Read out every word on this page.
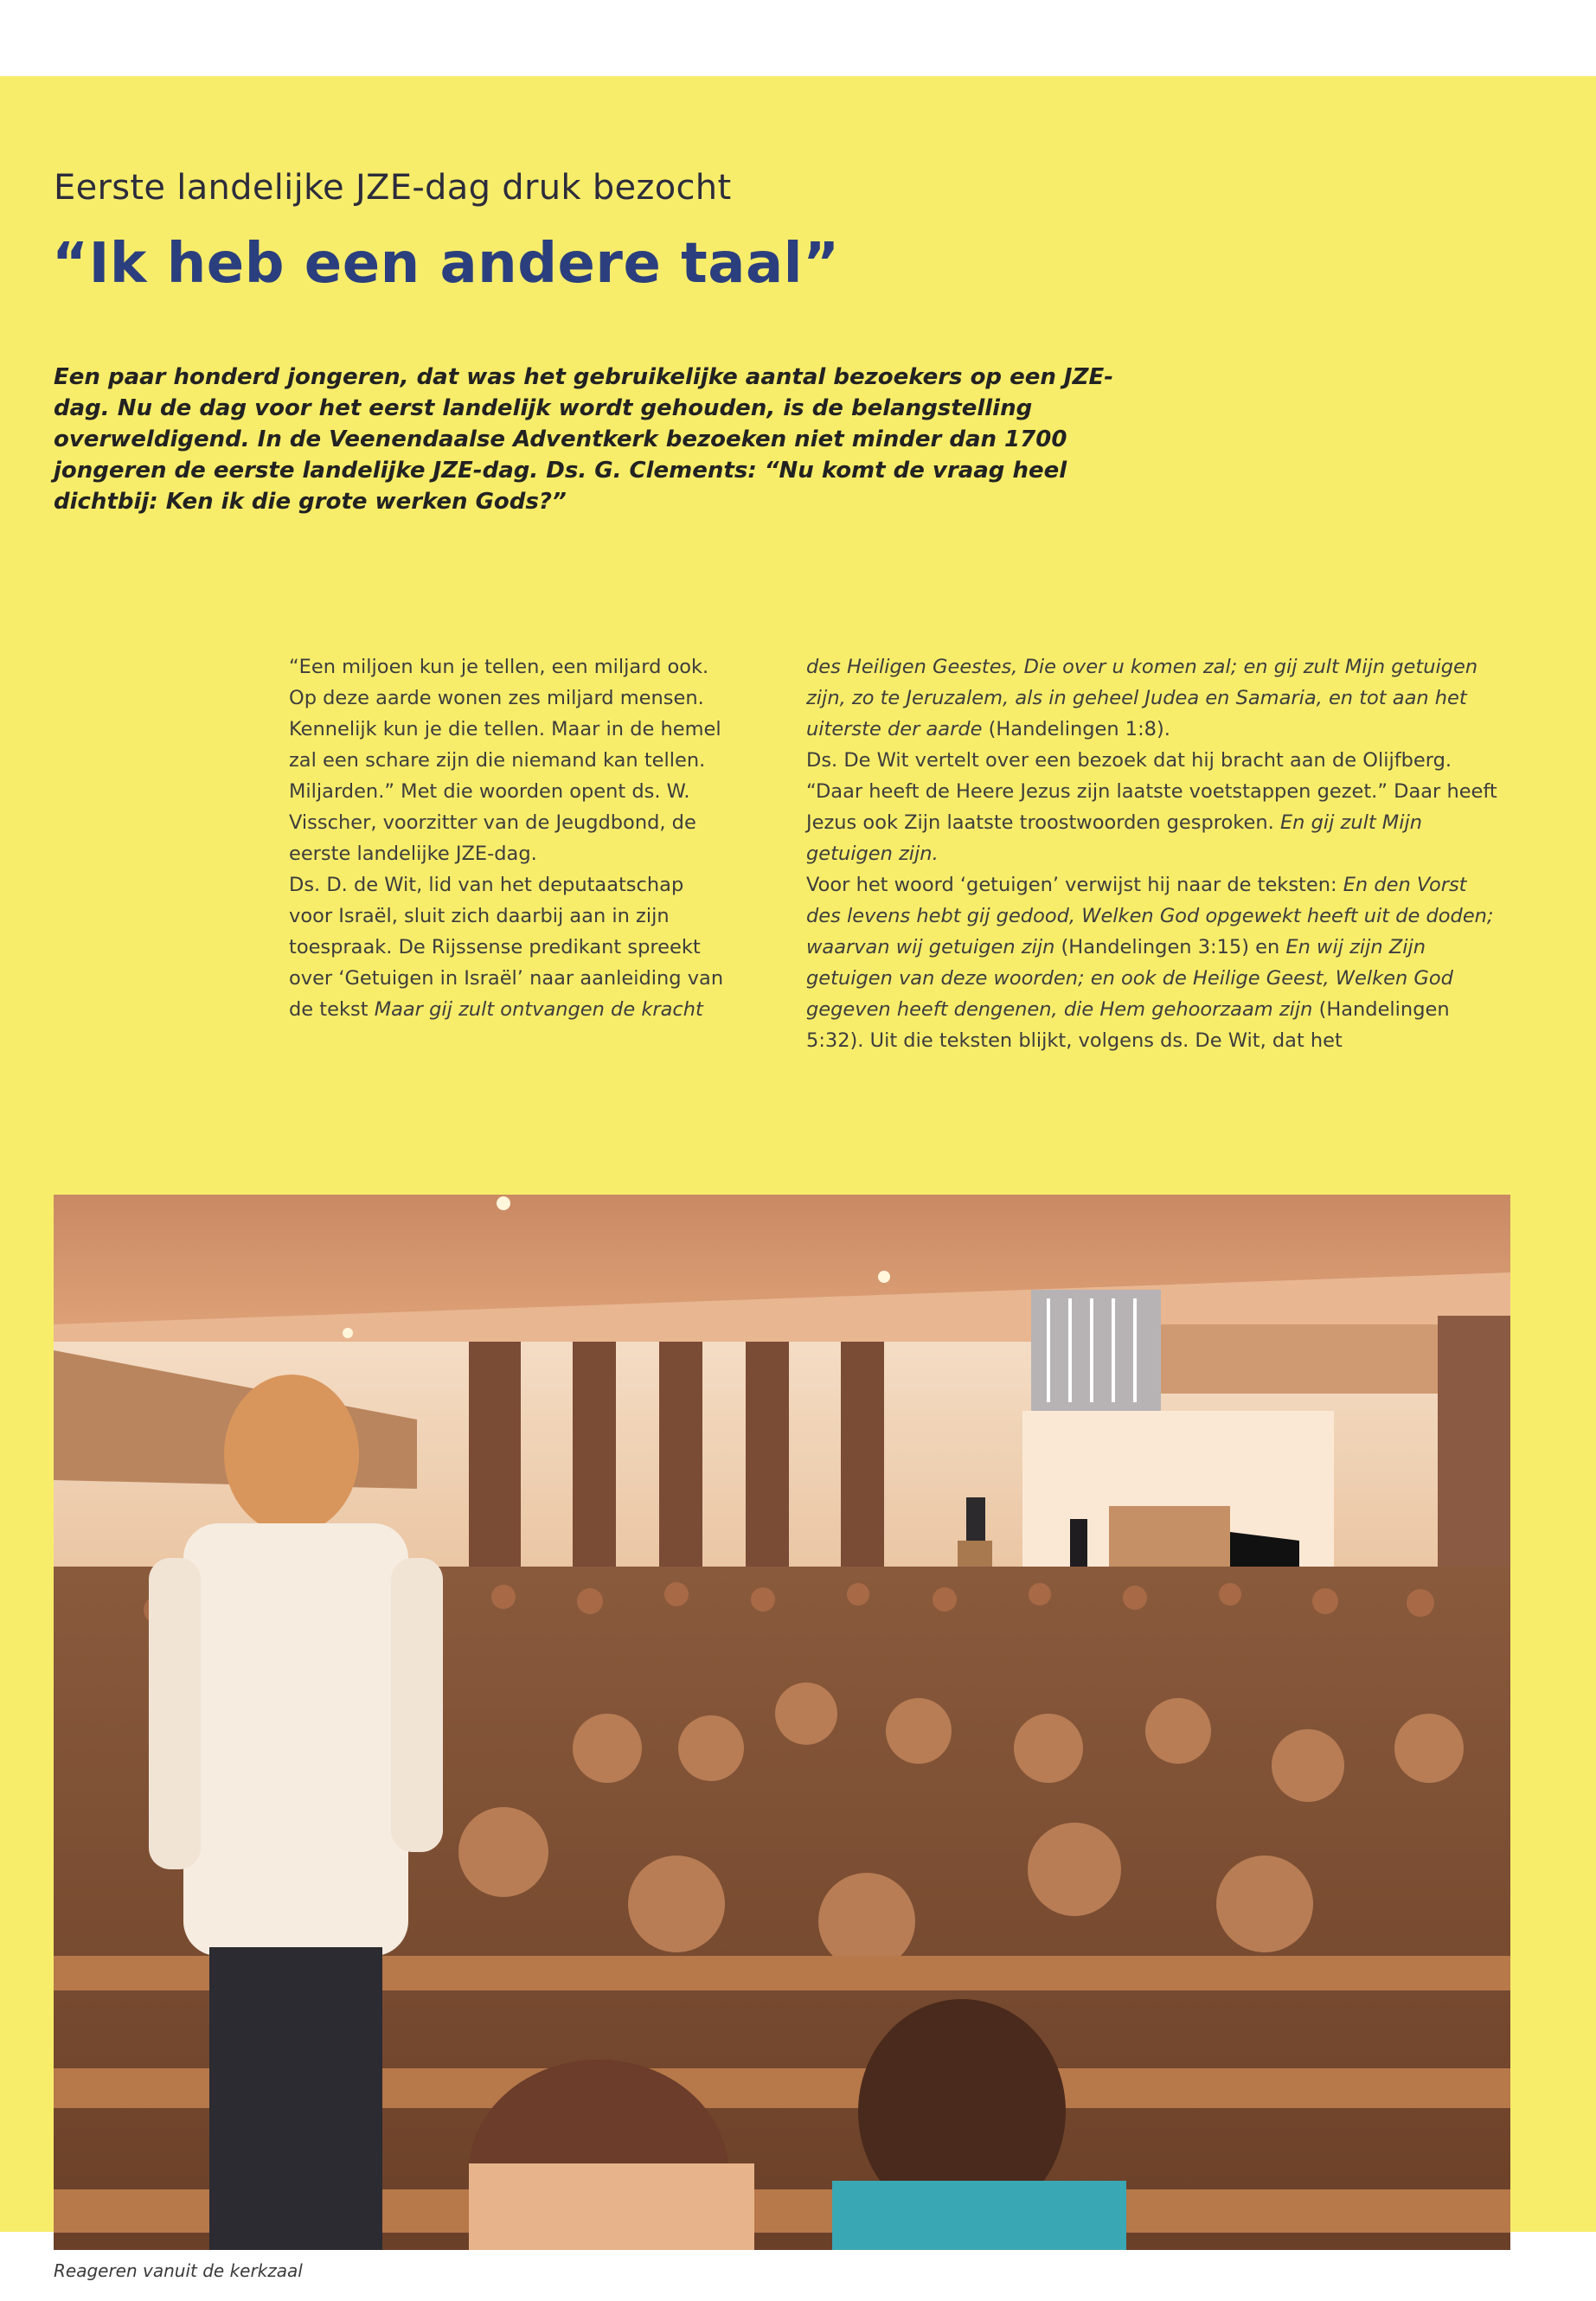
Eerste landelijke JZE-dag druk bezocht
“Ik heb een andere taal”

Een paar honderd jongeren, dat was het gebruikelijke aantal bezoekers op een JZE-dag. Nu de dag voor het eerst landelijk wordt gehouden, is de belangstelling overweldigend. In de Veenendaalse Adventkerk bezoeken niet minder dan 1700 jongeren de eerste landelijke JZE-dag. Ds. G. Clements: “Nu komt de vraag heel dichtbij: Ken ik die grote werken Gods?”

“Een miljoen kun je tellen, een miljard ook. Op deze aarde wonen zes miljard mensen. Kennelijk kun je die tellen. Maar in de hemel zal een schare zijn die niemand kan tellen. Miljarden.” Met die woorden opent ds. W. Visscher, voorzitter van de Jeugdbond, de eerste landelijke JZE-dag.

Ds. D. de Wit, lid van het deputaatschap voor Israël, sluit zich daarbij aan in zijn toespraak. De Rijssense predikant spreekt over ‘Getuigen in Israël’ naar aanleiding van de tekst Maar gij zult ontvangen de kracht

des Heiligen Geestes, Die over u komen zal; en gij zult Mijn getuigen zijn, zo te Jeruzalem, als in geheel Judea en Samaria, en tot aan het uiterste der aarde (Handelingen 1:8).

Ds. De Wit vertelt over een bezoek dat hij bracht aan de Olijfberg. “Daar heeft de Heere Jezus zijn laatste voetstappen gezet.” Daar heeft Jezus ook Zijn laatste troostwoorden gesproken. En gij zult Mijn getuigen zijn.

Voor het woord ‘getuigen’ verwijst hij naar de teksten: En den Vorst des levens hebt gij gedood, Welken God opgewekt heeft uit de doden; waarvan wij getuigen zijn (Handelingen 3:15) en En wij zijn Zijn getuigen van deze woorden; en ook de Heilige Geest, Welken God gegeven heeft dengenen, die Hem gehoorzaam zijn (Handelingen 5:32). Uit die teksten blijkt, volgens ds. De Wit, dat het

Reageren vanuit de kerkzaal
